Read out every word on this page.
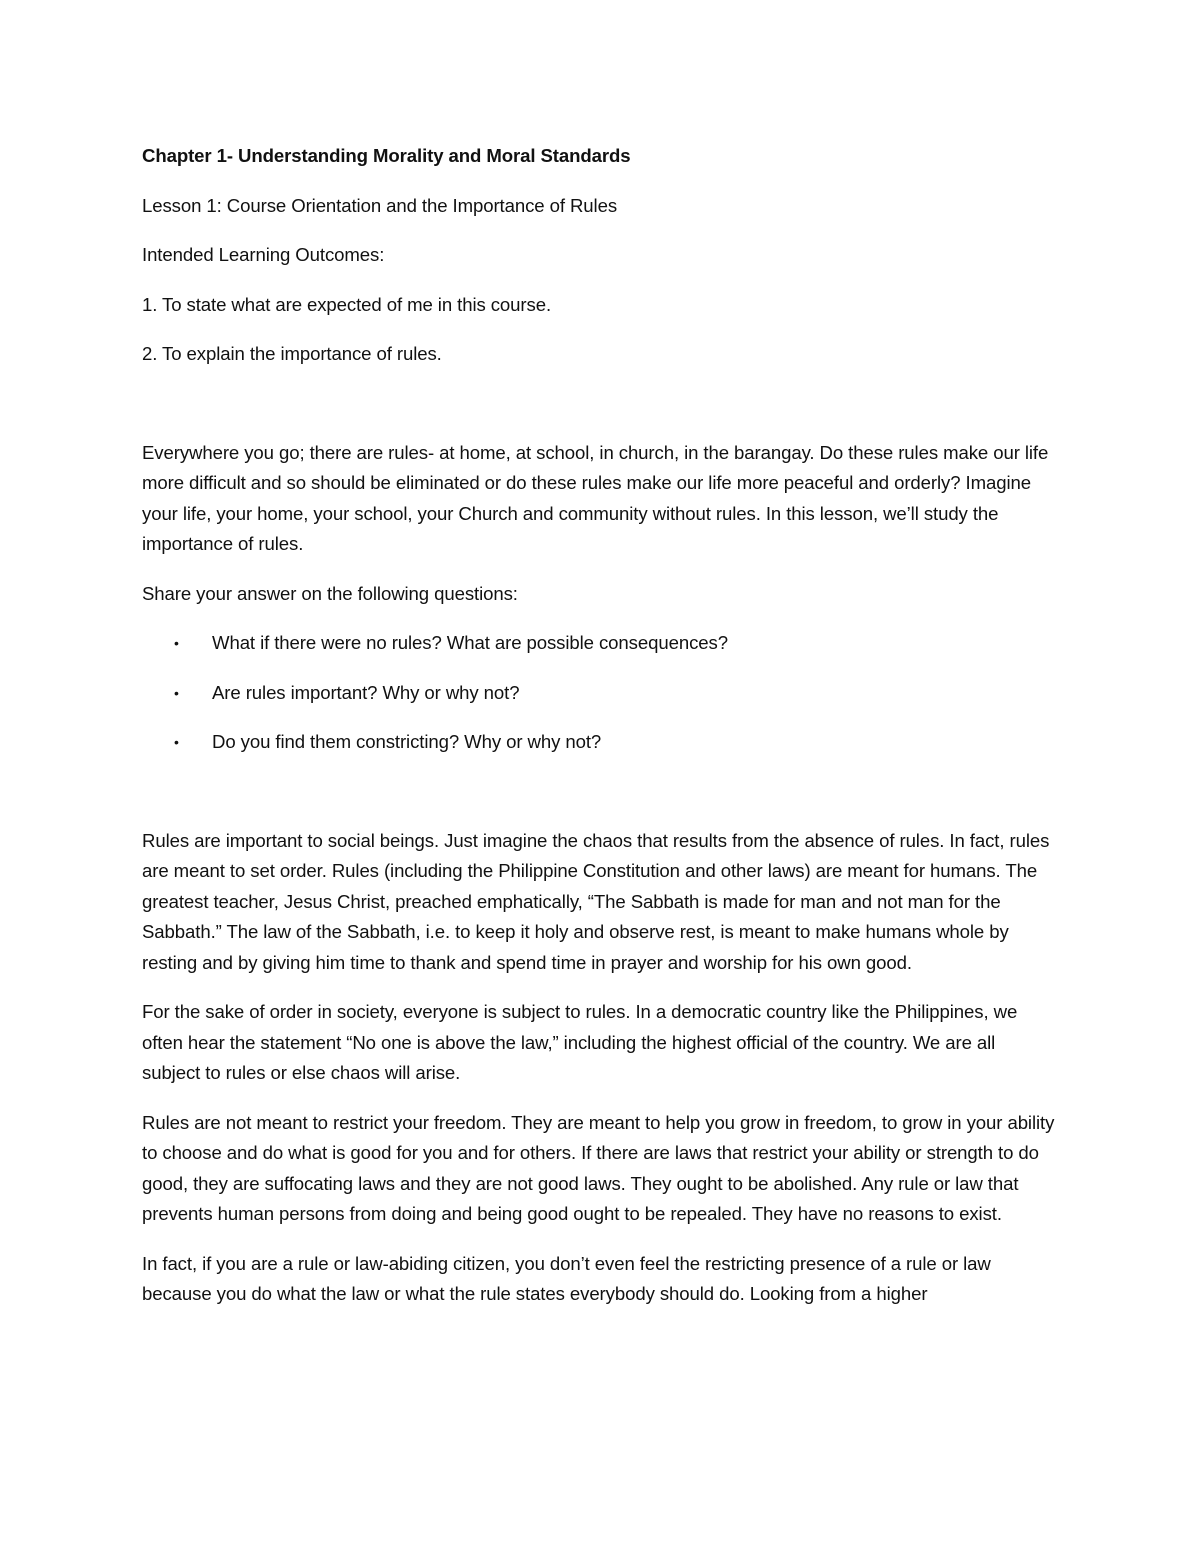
Chapter 1- Understanding Morality and Moral Standards

Lesson 1: Course Orientation and the Importance of Rules

Intended Learning Outcomes:

1. To state what are expected of me in this course.

2. To explain the importance of rules.

Everywhere you go; there are rules- at home, at school, in church, in the barangay. Do these rules make our life more difficult and so should be eliminated or do these rules make our life more peaceful and orderly? Imagine your life, your home, your school, your Church and community without rules. In this lesson, we’ll study the importance of rules.

Share your answer on the following questions:

• What if there were no rules? What are possible consequences?
• Are rules important? Why or why not?
• Do you find them constricting? Why or why not?

Rules are important to social beings. Just imagine the chaos that results from the absence of rules. In fact, rules are meant to set order. Rules (including the Philippine Constitution and other laws) are meant for humans. The greatest teacher, Jesus Christ, preached emphatically, “The Sabbath is made for man and not man for the Sabbath.” The law of the Sabbath, i.e. to keep it holy and observe rest, is meant to make humans whole by resting and by giving him time to thank and spend time in prayer and worship for his own good.

For the sake of order in society, everyone is subject to rules. In a democratic country like the Philippines, we often hear the statement “No one is above the law,” including the highest official of the country. We are all subject to rules or else chaos will arise.

Rules are not meant to restrict your freedom. They are meant to help you grow in freedom, to grow in your ability to choose and do what is good for you and for others. If there are laws that restrict your ability or strength to do good, they are suffocating laws and they are not good laws. They ought to be abolished. Any rule or law that prevents human persons from doing and being good ought to be repealed. They have no reasons to exist.

In fact, if you are a rule or law-abiding citizen, you don’t even feel the restricting presence of a rule or law because you do what the law or what the rule states everybody should do. Looking from a higher
